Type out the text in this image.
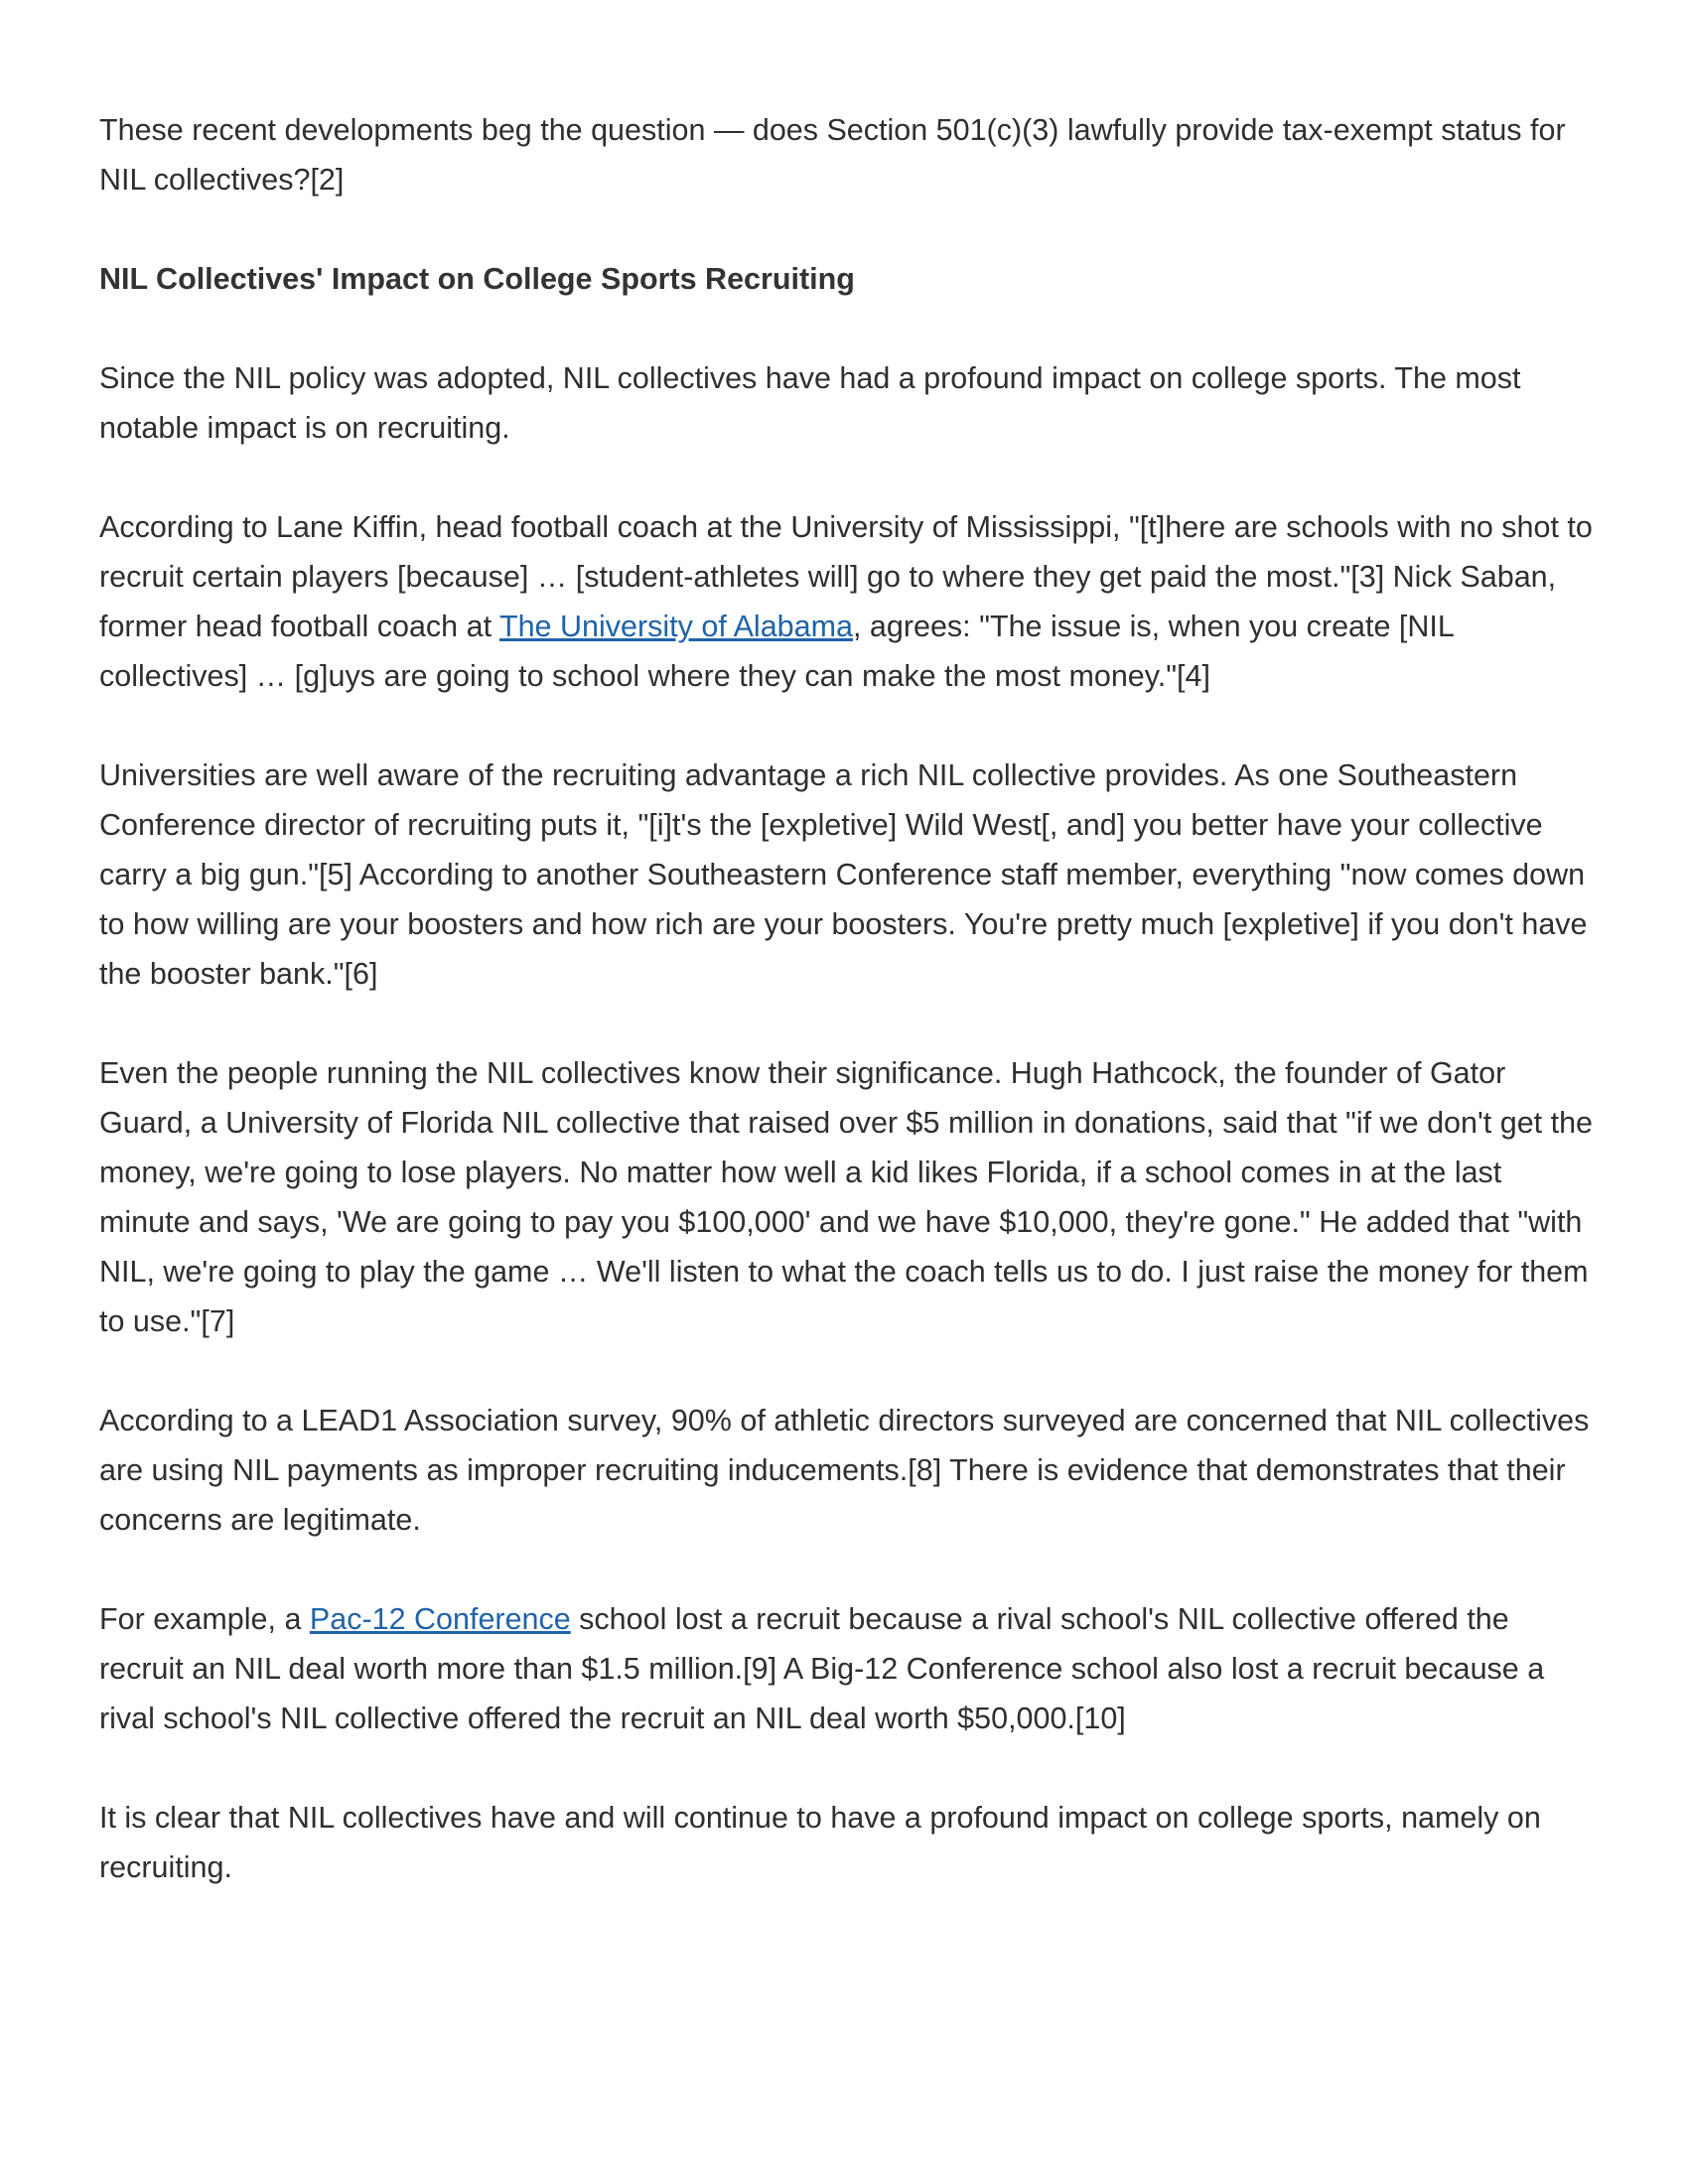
These recent developments beg the question — does Section 501(c)(3) lawfully provide tax-exempt status for NIL collectives?[2]

NIL Collectives' Impact on College Sports Recruiting

Since the NIL policy was adopted, NIL collectives have had a profound impact on college sports. The most notable impact is on recruiting.

According to Lane Kiffin, head football coach at the University of Mississippi, "[t]here are schools with no shot to recruit certain players [because] … [student-athletes will] go to where they get paid the most."[3] Nick Saban, former head football coach at The University of Alabama, agrees: "The issue is, when you create [NIL collectives] … [g]uys are going to school where they can make the most money."[4]

Universities are well aware of the recruiting advantage a rich NIL collective provides. As one Southeastern Conference director of recruiting puts it, "[i]t's the [expletive] Wild West[, and] you better have your collective carry a big gun."[5] According to another Southeastern Conference staff member, everything "now comes down to how willing are your boosters and how rich are your boosters. You're pretty much [expletive] if you don't have the booster bank."[6]

Even the people running the NIL collectives know their significance. Hugh Hathcock, the founder of Gator Guard, a University of Florida NIL collective that raised over $5 million in donations, said that "if we don't get the money, we're going to lose players. No matter how well a kid likes Florida, if a school comes in at the last minute and says, 'We are going to pay you $100,000' and we have $10,000, they're gone." He added that "with NIL, we're going to play the game … We'll listen to what the coach tells us to do. I just raise the money for them to use."[7]

According to a LEAD1 Association survey, 90% of athletic directors surveyed are concerned that NIL collectives are using NIL payments as improper recruiting inducements.[8] There is evidence that demonstrates that their concerns are legitimate.

For example, a Pac-12 Conference school lost a recruit because a rival school's NIL collective offered the recruit an NIL deal worth more than $1.5 million.[9] A Big-12 Conference school also lost a recruit because a rival school's NIL collective offered the recruit an NIL deal worth $50,000.[10]

It is clear that NIL collectives have and will continue to have a profound impact on college sports, namely on recruiting.
